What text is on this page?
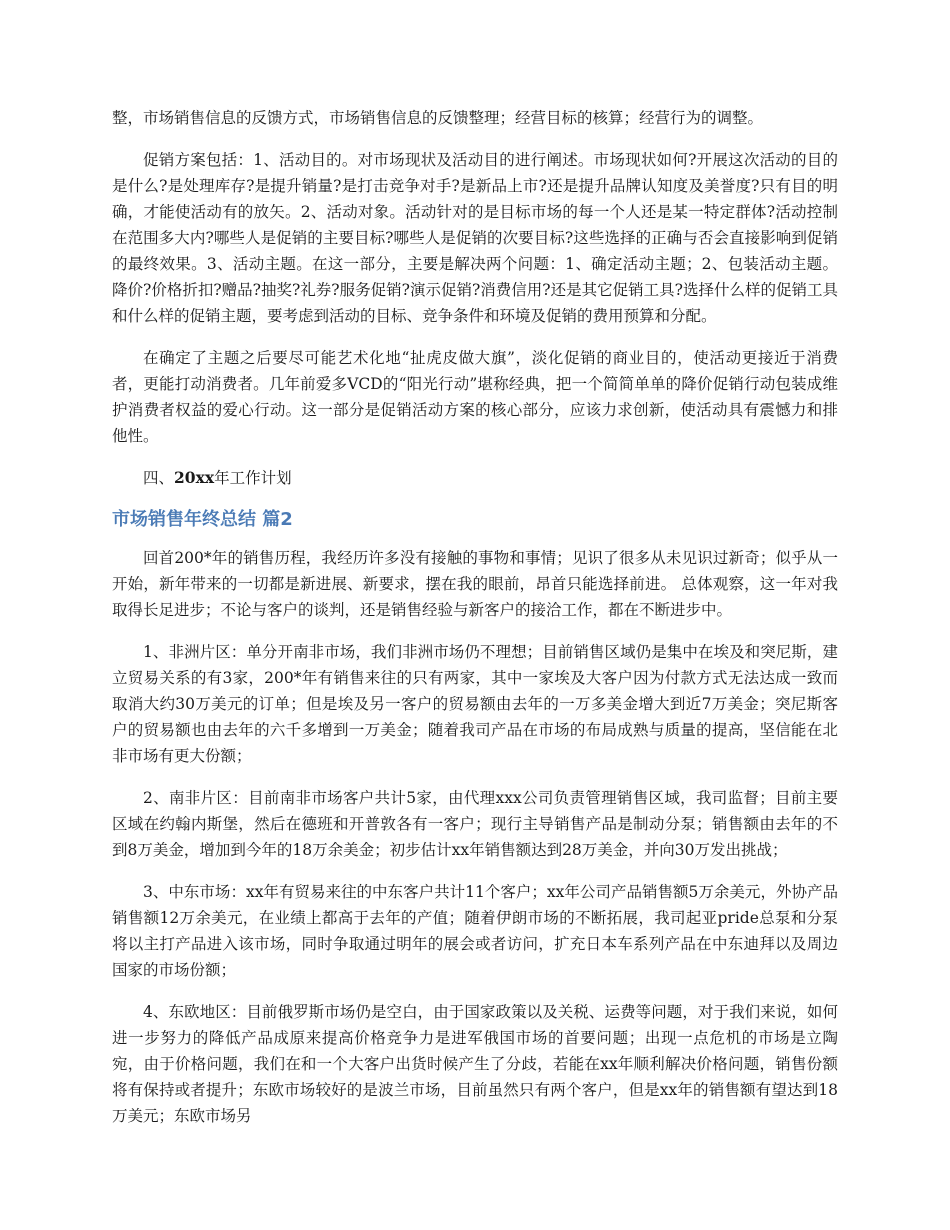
整，市场销售信息的反馈方式，市场销售信息的反馈整理；经营目标的核算；经营行为的调整。

促销方案包括：1、活动目的。对市场现状及活动目的进行阐述。市场现状如何?开展这次活动的目的是什么?是处理库存?是提升销量?是打击竞争对手?是新品上市?还是提升品牌认知度及美誉度?只有目的明确，才能使活动有的放矢。2、活动对象。活动针对的是目标市场的每一个人还是某一特定群体?活动控制在范围多大内?哪些人是促销的主要目标?哪些人是促销的次要目标?这些选择的正确与否会直接影响到促销的最终效果。3、活动主题。在这一部分，主要是解决两个问题：1、确定活动主题；2、包装活动主题。降价?价格折扣?赠品?抽奖?礼券?服务促销?演示促销?消费信用?还是其它促销工具?选择什么样的促销工具和什么样的促销主题，要考虑到活动的目标、竞争条件和环境及促销的费用预算和分配。

在确定了主题之后要尽可能艺术化地“扯虎皮做大旗”，淡化促销的商业目的，使活动更接近于消费者，更能打动消费者。几年前爱多VCD的“阳光行动”堪称经典，把一个简简单单的降价促销行动包装成维护消费者权益的爱心行动。这一部分是促销活动方案的核心部分，应该力求创新，使活动具有震憾力和排他性。

四、20xx年工作计划

市场销售年终总结 篇2

回首200*年的销售历程，我经历许多没有接触的事物和事情；见识了很多从未见识过新奇；似乎从一开始，新年带来的一切都是新进展、新要求，摆在我的眼前，昂首只能选择前进。 总体观察，这一年对我取得长足进步；不论与客户的谈判，还是销售经验与新客户的接洽工作，都在不断进步中。

1、非洲片区：单分开南非市场，我们非洲市场仍不理想；目前销售区域仍是集中在埃及和突尼斯，建立贸易关系的有3家，200*年有销售来往的只有两家，其中一家埃及大客户因为付款方式无法达成一致而取消大约30万美元的订单；但是埃及另一客户的贸易额由去年的一万多美金增大到近7万美金；突尼斯客户的贸易额也由去年的六千多增到一万美金；随着我司产品在市场的布局成熟与质量的提高，坚信能在北非市场有更大份额；

2、南非片区：目前南非市场客户共计5家，由代理xxx公司负责管理销售区域，我司监督；目前主要区域在约翰内斯堡，然后在德班和开普敦各有一客户；现行主导销售产品是制动分泵；销售额由去年的不到8万美金，增加到今年的18万余美金；初步估计xx年销售额达到28万美金，并向30万发出挑战；

3、中东市场：xx年有贸易来往的中东客户共计11个客户；xx年公司产品销售额5万余美元，外协产品销售额12万余美元，在业绩上都高于去年的产值；随着伊朗市场的不断拓展，我司起亚pride总泵和分泵将以主打产品进入该市场，同时争取通过明年的展会或者访问，扩充日本车系列产品在中东迪拜以及周边国家的市场份额；

4、东欧地区：目前俄罗斯市场仍是空白，由于国家政策以及关税、运费等问题，对于我们来说，如何进一步努力的降低产品成原来提高价格竞争力是进军俄国市场的首要问题；出现一点危机的市场是立陶宛，由于价格问题，我们在和一个大客户出货时候产生了分歧，若能在xx年顺利解决价格问题，销售份额将有保持或者提升；东欧市场较好的是波兰市场，目前虽然只有两个客户，但是xx年的销售额有望达到18万美元；东欧市场另
